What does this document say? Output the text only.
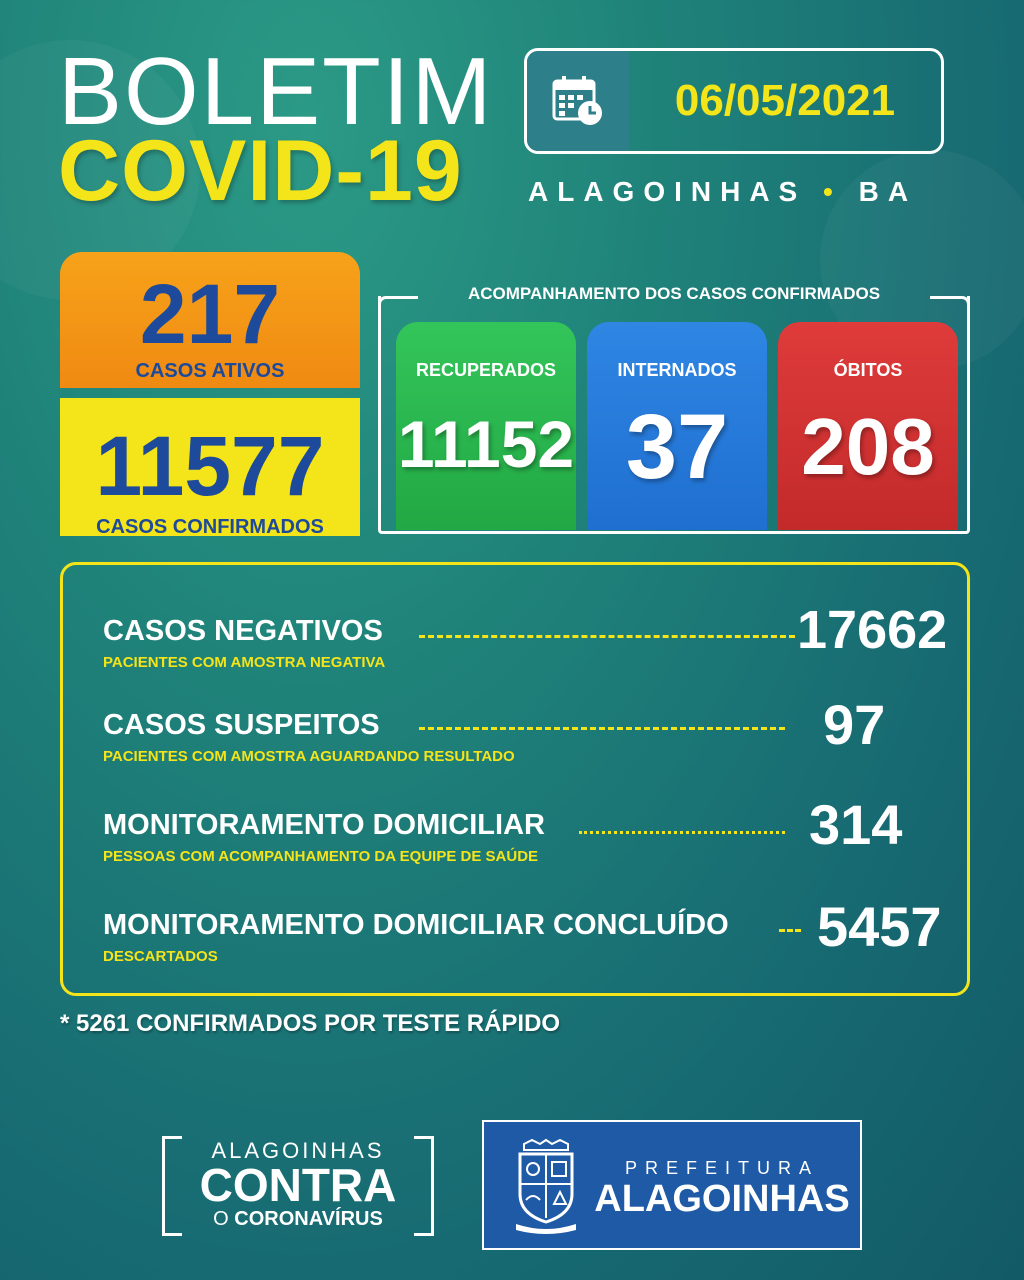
BOLETIM
COVID-19
06/05/2021
ALAGOINHAS • BA
217
CASOS ATIVOS
11577
CASOS CONFIRMADOS
ACOMPANHAMENTO DOS CASOS CONFIRMADOS
RECUPERADOS
11152
INTERNADOS
37
ÓBITOS
208
CASOS NEGATIVOS
PACIENTES COM AMOSTRA NEGATIVA
17662
CASOS SUSPEITOS
PACIENTES COM AMOSTRA AGUARDANDO RESULTADO
97
MONITORAMENTO DOMICILIAR
PESSOAS COM ACOMPANHAMENTO DA EQUIPE DE SAÚDE
314
MONITORAMENTO DOMICILIAR CONCLUÍDO
DESCARTADOS	5457
* 5261 CONFIRMADOS POR TESTE RÁPIDO
ALAGOINHAS
CONTRA
O CORONAVÍRUS
PREFEITURA
ALAGOINHAS
